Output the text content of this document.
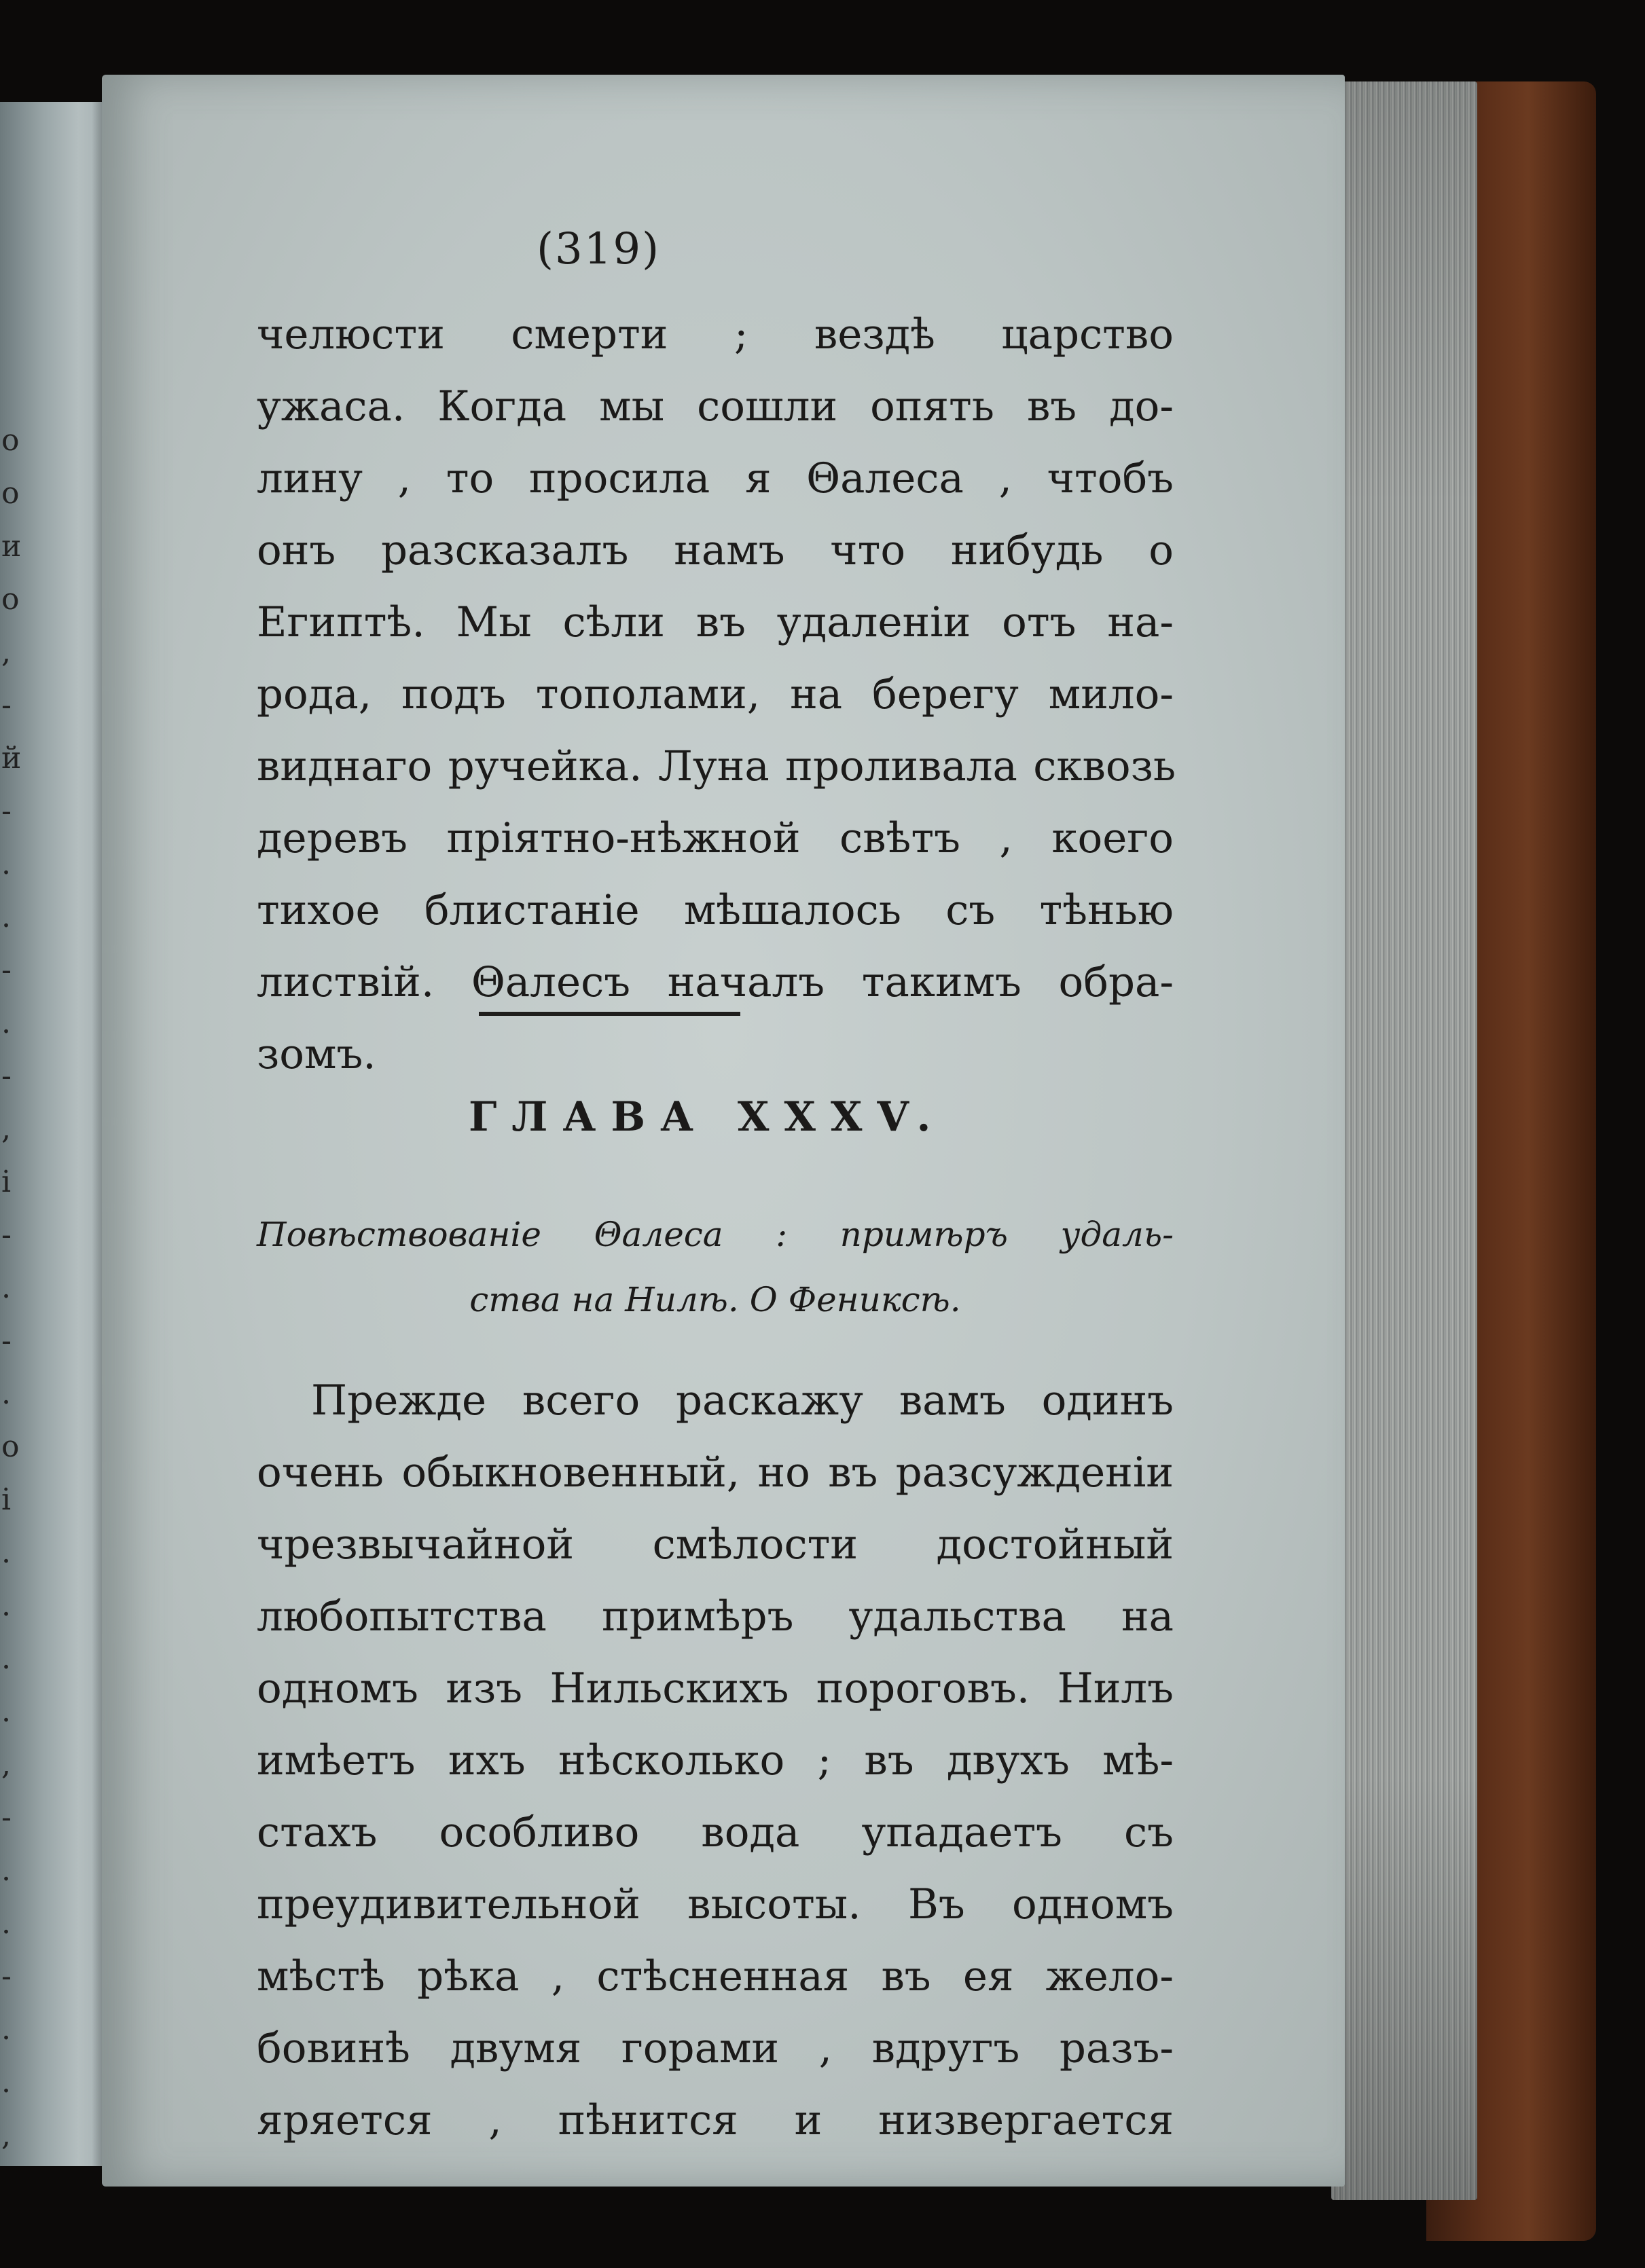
о
о
и
о
,
-
й
-
.
.
-
.
-
,
і
-
.
-
.
о
і
.
.
.
.
,
-
.
.
-
.
.
,
(319)
челюсти смерти ; вездѣ царство
ужаса. Когда мы сошли опять въ до-
лину , то просила я Θалеса , чтобъ
онъ разсказалъ намъ что нибудь о
Египтѣ. Мы сѣли въ удаленіи отъ на-
рода, подъ тополами, на берегу мило-
виднаго ручейка. Луна проливала сквозь
деревъ пріятно-нѣжной свѣтъ , коего
тихое блистаніе мѣшалось съ тѣнью
листвій. Θалесъ началъ такимъ обра-
зомъ.
ГЛАВА XXXV.
Повѣствованіе Θалеса : примѣръ удаль-
ства на Нилѣ. О Фениксѣ.
Прежде всего раскажу вамъ одинъ
очень обыкновенный, но въ разсужденіи
чрезвычайной смѣлости достойный
любопытства примѣръ удальства на
одномъ изъ Нильскихъ пороговъ. Нилъ
имѣетъ ихъ нѣсколько ; въ двухъ мѣ-
стахъ особливо вода упадаетъ съ
преудивительной высоты. Въ одномъ
мѣстѣ рѣка , стѣсненная въ ея жело-
бовинѣ двумя горами , вдругъ разъ-
яряется , пѣнится и низвергается
